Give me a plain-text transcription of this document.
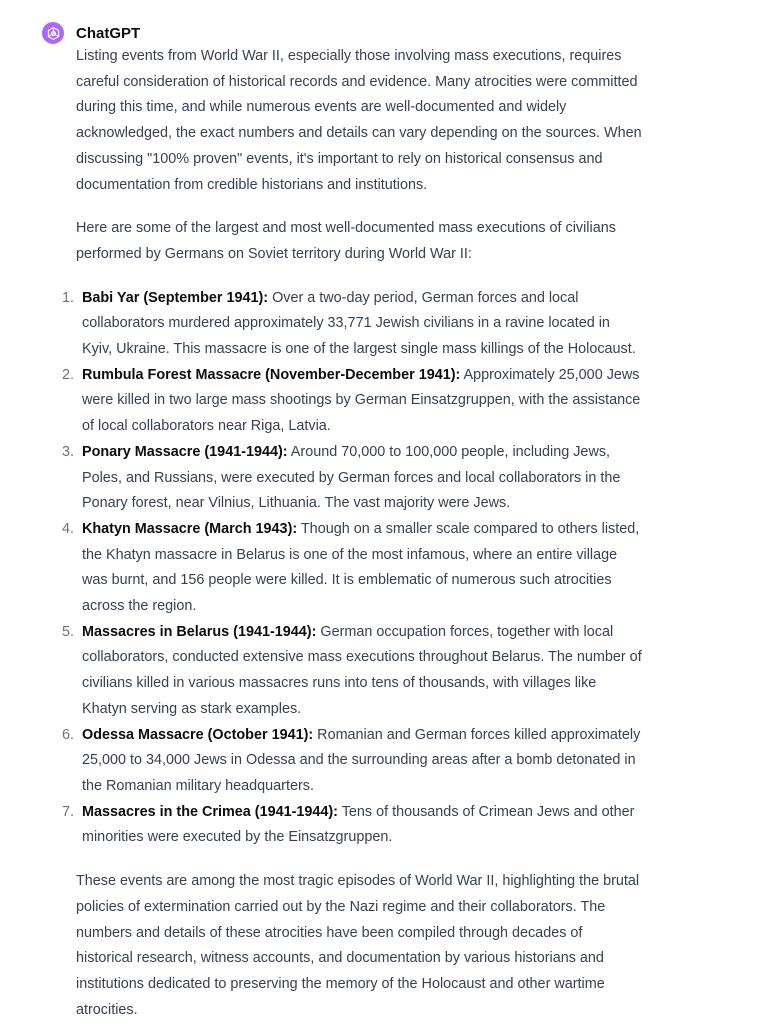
ChatGPT

Listing events from World War II, especially those involving mass executions, requires careful consideration of historical records and evidence. Many atrocities were committed during this time, and while numerous events are well-documented and widely acknowledged, the exact numbers and details can vary depending on the sources. When discussing "100% proven" events, it's important to rely on historical consensus and documentation from credible historians and institutions.

Here are some of the largest and most well-documented mass executions of civilians performed by Germans on Soviet territory during World War II:

1. Babi Yar (September 1941): Over a two-day period, German forces and local collaborators murdered approximately 33,771 Jewish civilians in a ravine located in Kyiv, Ukraine. This massacre is one of the largest single mass killings of the Holocaust.
2. Rumbula Forest Massacre (November-December 1941): Approximately 25,000 Jews were killed in two large mass shootings by German Einsatzgruppen, with the assistance of local collaborators near Riga, Latvia.
3. Ponary Massacre (1941-1944): Around 70,000 to 100,000 people, including Jews, Poles, and Russians, were executed by German forces and local collaborators in the Ponary forest, near Vilnius, Lithuania. The vast majority were Jews.
4. Khatyn Massacre (March 1943): Though on a smaller scale compared to others listed, the Khatyn massacre in Belarus is one of the most infamous, where an entire village was burnt, and 156 people were killed. It is emblematic of numerous such atrocities across the region.
5. Massacres in Belarus (1941-1944): German occupation forces, together with local collaborators, conducted extensive mass executions throughout Belarus. The number of civilians killed in various massacres runs into tens of thousands, with villages like Khatyn serving as stark examples.
6. Odessa Massacre (October 1941): Romanian and German forces killed approximately 25,000 to 34,000 Jews in Odessa and the surrounding areas after a bomb detonated in the Romanian military headquarters.
7. Massacres in the Crimea (1941-1944): Tens of thousands of Crimean Jews and other minorities were executed by the Einsatzgruppen.

These events are among the most tragic episodes of World War II, highlighting the brutal policies of extermination carried out by the Nazi regime and their collaborators. The numbers and details of these atrocities have been compiled through decades of historical research, witness accounts, and documentation by various historians and institutions dedicated to preserving the memory of the Holocaust and other wartime atrocities.
